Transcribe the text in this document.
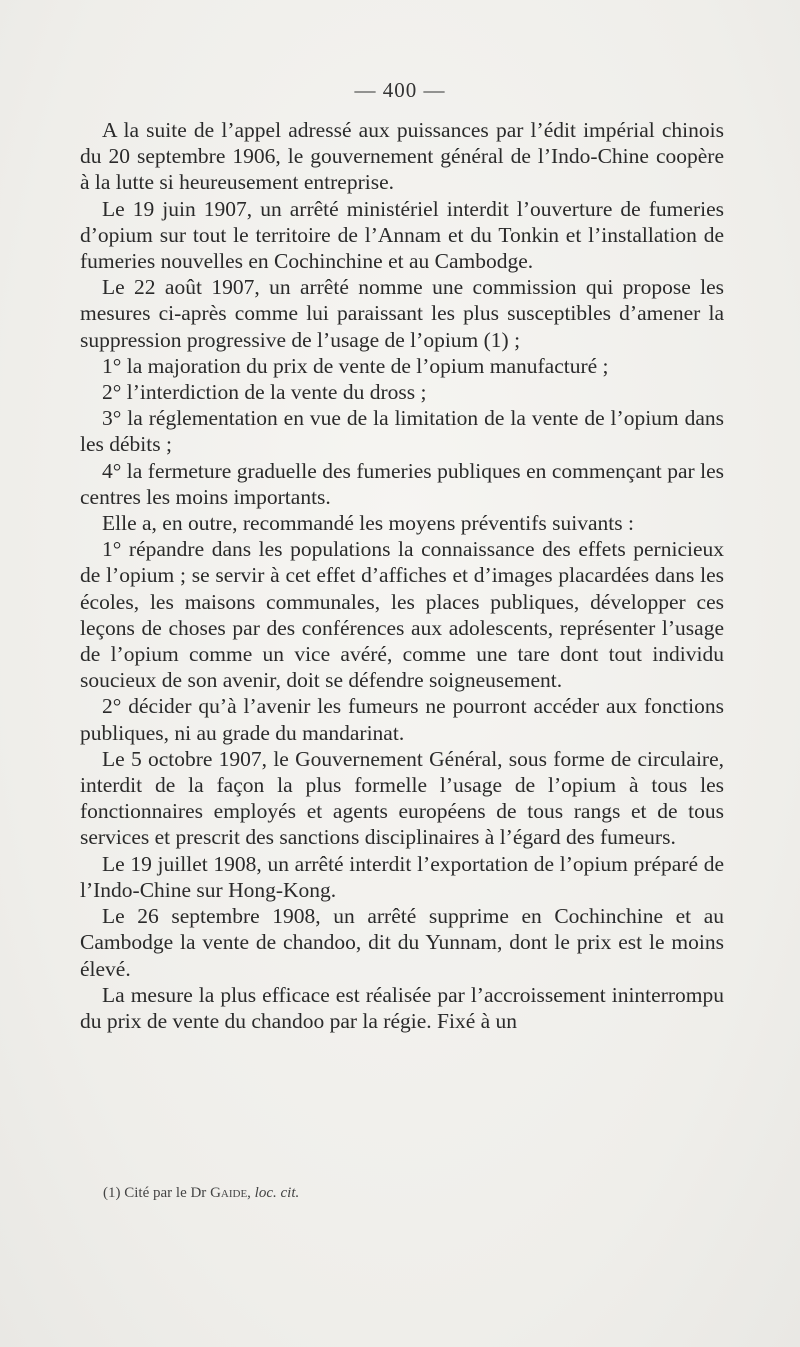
— 400 —

A la suite de l’appel adressé aux puissances par l’édit impérial chinois du 20 septembre 1906, le gouvernement général de l’Indo-Chine coopère à la lutte si heureusement entreprise.

Le 19 juin 1907, un arrêté ministériel interdit l’ouverture de fumeries d’opium sur tout le territoire de l’Annam et du Tonkin et l’installation de fumeries nouvelles en Cochinchine et au Cambodge.

Le 22 août 1907, un arrêté nomme une commission qui propose les mesures ci-après comme lui paraissant les plus susceptibles d’amener la suppression progressive de l’usage de l’opium (1) ;

1° la majoration du prix de vente de l’opium manufacturé ;

2° l’interdiction de la vente du dross ;

3° la réglementation en vue de la limitation de la vente de l’opium dans les débits ;

4° la fermeture graduelle des fumeries publiques en commençant par les centres les moins importants.

Elle a, en outre, recommandé les moyens préventifs suivants :

1° répandre dans les populations la connaissance des effets pernicieux de l’opium ; se servir à cet effet d’affiches et d’images placardées dans les écoles, les maisons communales, les places publiques, développer ces leçons de choses par des conférences aux adolescents, représenter l’usage de l’opium comme un vice avéré, comme une tare dont tout individu soucieux de son avenir, doit se défendre soigneusement.

2° décider qu’à l’avenir les fumeurs ne pourront accéder aux fonctions publiques, ni au grade du mandarinat.

Le 5 octobre 1907, le Gouvernement Général, sous forme de circulaire, interdit de la façon la plus formelle l’usage de l’opium à tous les fonctionnaires employés et agents européens de tous rangs et de tous services et prescrit des sanctions disciplinaires à l’égard des fumeurs.

Le 19 juillet 1908, un arrêté interdit l’exportation de l’opium préparé de l’Indo-Chine sur Hong-Kong.

Le 26 septembre 1908, un arrêté supprime en Cochinchine et au Cambodge la vente de chandoo, dit du Yunnam, dont le prix est le moins élevé.

La mesure la plus efficace est réalisée par l’accroissement ininterrompu du prix de vente du chandoo par la régie. Fixé à un

(1) Cité par le Dr Gaide, loc. cit.
